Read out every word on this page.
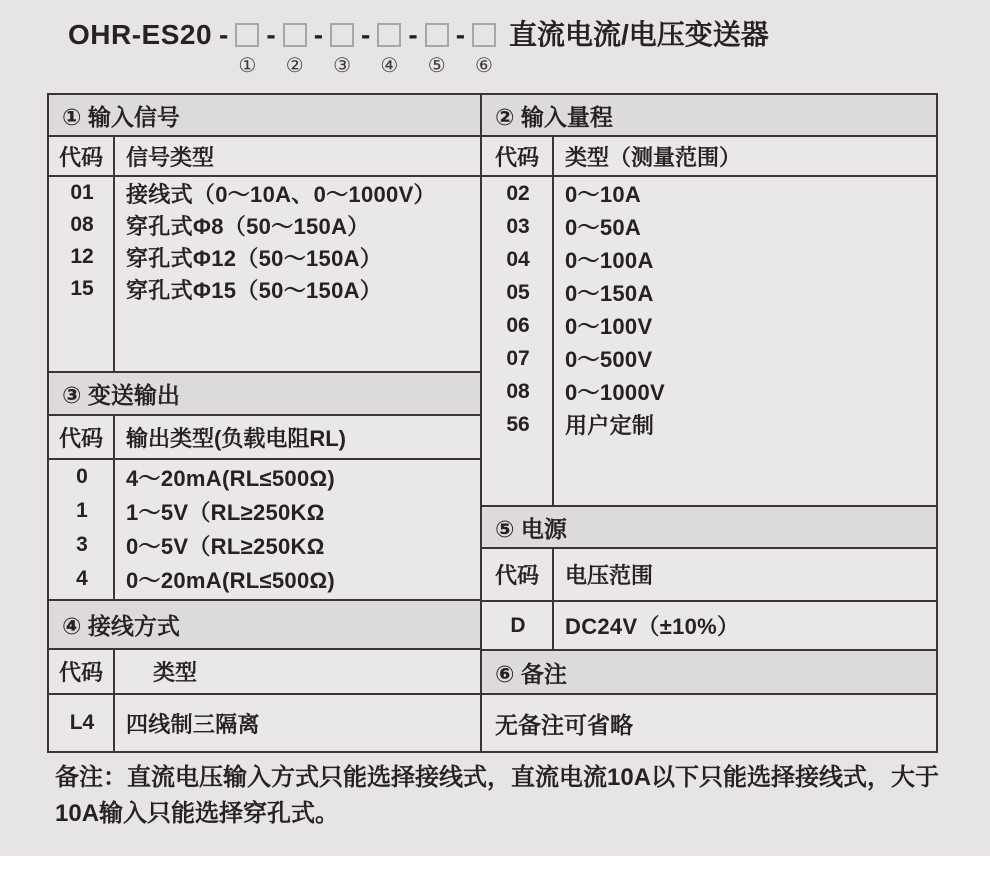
OHR-ES20 -
①
-
②
-
③
-
④
-
⑤
-
⑥
直流电流/电压变送器
① 输入信号
代码	信号类型
01	接线式（0～10A、0～1000V）
08	穿孔式Φ8（50～150A）
12	穿孔式Φ12（50～150A）
15	穿孔式Φ15（50～150A）
③ 变送输出
代码	输出类型(负载电阻RL)
0	4～20mA(RL≤500Ω)
1	1～5V（RL≥250KΩ
3	0～5V（RL≥250KΩ
4	0～20mA(RL≤500Ω)
④ 接线方式
代码	类型
L4	四线制三隔离
② 输入量程
代码	类型（测量范围）
02	0～10A
03	0～50A
04	0～100A
05	0～150A
06	0～100V
07	0～500V
08	0～1000V
56	用户定制
⑤ 电源
代码	电压范围
D	DC24V（±10%）
⑥ 备注
无备注可省略
备注：直流电压输入方式只能选择接线式，直流电流10A以下只能选择接线式，大于
10A输入只能选择穿孔式。
